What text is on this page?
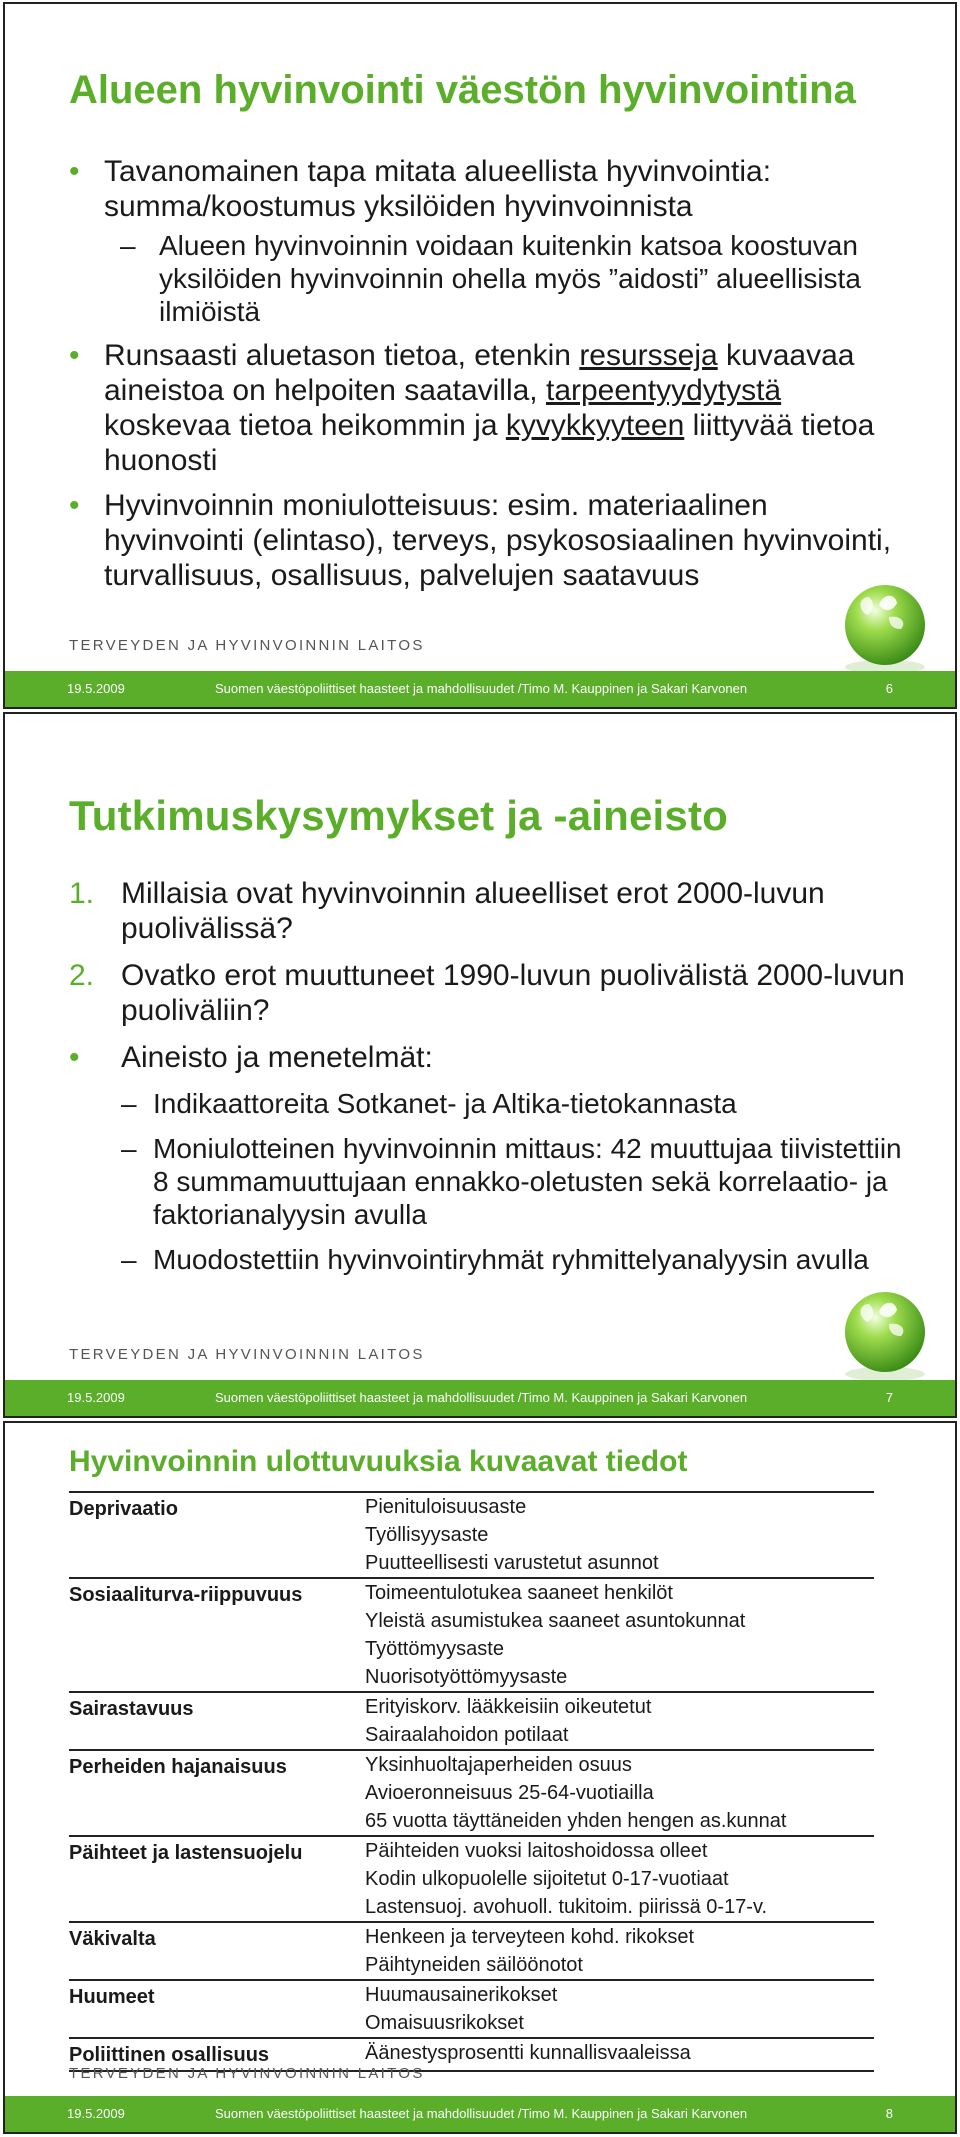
Alueen hyvinvointi väestön hyvinvointina
• Tavanomainen tapa mitata alueellista hyvinvointia: summa/koostumus yksilöiden hyvinvoinnista
– Alueen hyvinvoinnin voidaan kuitenkin katsoa koostuvan yksilöiden hyvinvoinnin ohella myös ”aidosti” alueellisista ilmiöistä
• Runsaasti aluetason tietoa, etenkin resursseja kuvaavaa aineistoa on helpoiten saatavilla, tarpeentyydytystä koskevaa tietoa heikommin ja kyvykkyyteen liittyvää tietoa huonosti
• Hyvinvoinnin moniulotteisuus: esim. materiaalinen hyvinvointi (elintaso), terveys, psykososiaalinen hyvinvointi, turvallisuus, osallisuus, palvelujen saatavuus
TERVEYDEN JA HYVINVOINNIN LAITOS
19.5.2009	Suomen väestöpoliittiset haasteet ja mahdollisuudet /Timo M. Kauppinen ja Sakari Karvonen	6
Tutkimuskysymykset ja -aineisto
1. Millaisia ovat hyvinvoinnin alueelliset erot 2000-luvun puolivälissä?
2. Ovatko erot muuttuneet 1990-luvun puolivälistä 2000-luvun puoliväliin?
• Aineisto ja menetelmät:
– Indikaattoreita Sotkanet- ja Altika-tietokannasta
– Moniulotteinen hyvinvoinnin mittaus: 42 muuttujaa tiivistettiin 8 summamuuttujaan ennakko-oletusten sekä korrelaatio- ja faktorianalyysin avulla
– Muodostettiin hyvinvointiryhmät ryhmittelyanalyysin avulla
TERVEYDEN JA HYVINVOINNIN LAITOS
19.5.2009	Suomen väestöpoliittiset haasteet ja mahdollisuudet /Timo M. Kauppinen ja Sakari Karvonen	7
Hyvinvoinnin ulottuvuuksia kuvaavat tiedot
Deprivaatio	Pienituloisuusaste
Työllisyysaste
Puutteellisesti varustetut asunnot

Sosiaaliturva-riippuvuus	Toimeentulotukea saaneet henkilöt
Yleistä asumistukea saaneet asuntokunnat
Työttömyysaste
Nuorisotyöttömyysaste

Sairastavuus	Erityiskorv. lääkkeisiin oikeutetut
Sairaalahoidon potilaat

Perheiden hajanaisuus	Yksinhuoltajaperheiden osuus
Avioeronneisuus 25-64-vuotiailla
65 vuotta täyttäneiden yhden hengen as.kunnat

Päihteet ja lastensuojelu	Päihteiden vuoksi laitoshoidossa olleet
Kodin ulkopuolelle sijoitetut 0-17-vuotiaat
Lastensuoj. avohuoll. tukitoim. piirissä 0-17-v.

Väkivalta	Henkeen ja terveyteen kohd. rikokset
Päihtyneiden säilöönotot

Huumeet	Huumausainerikokset
Omaisuusrikokset

Poliittinen osallisuus	Äänestysprosentti kunnallisvaaleissa
TERVEYDEN JA HYVINVOINNIN LAITOS
19.5.2009	Suomen väestöpoliittiset haasteet ja mahdollisuudet /Timo M. Kauppinen ja Sakari Karvonen	8
